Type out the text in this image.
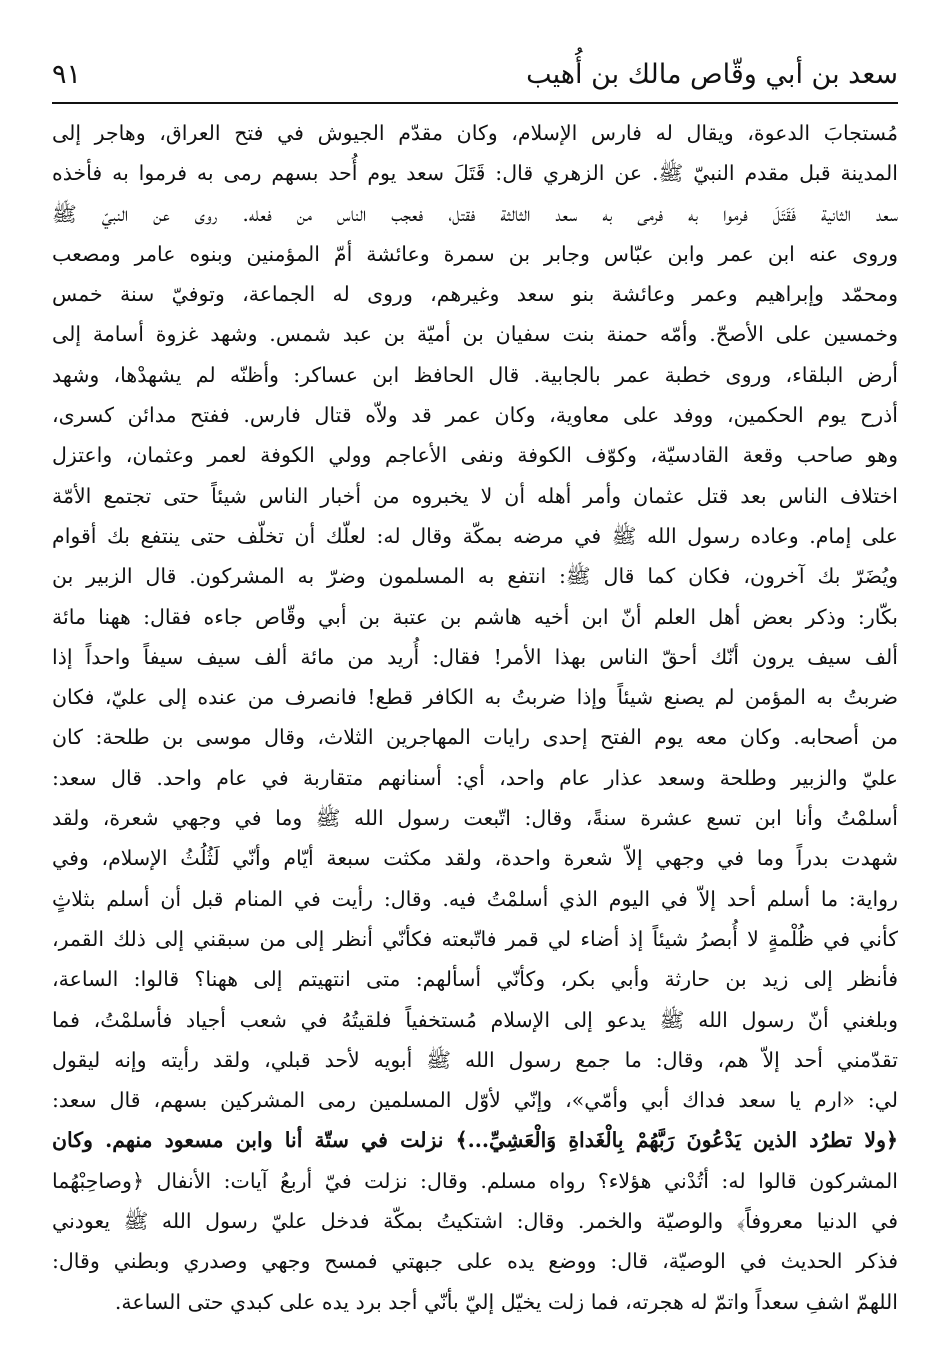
سعد بن أبي وقّاص مالك بن أُهيب
٩١
مُستجابَ الدعوة، ويقال له فارس الإسلام، وكان مقدّم الجيوش في فتح العراق، وهاجر إلى
المدينة قبل مقدم النبيّ ﷺ. عن الزهري قال: قَتَلَ سعد يوم أُحد بسهم رمى به فرموا به فأخذه
سعد الثانية فَقَتَلَ فرموا به فرمى به سعد الثالثة فقتل، فعجب الناس من فعله. روى عن النبيّ ﷺ
وروى عنه ابن عمر وابن عبّاس وجابر بن سمرة وعائشة أمّ المؤمنين وبنوه عامر ومصعب
ومحمّد وإبراهيم وعمر وعائشة بنو سعد وغيرهم، وروى له الجماعة، وتوفيّ سنة خمس
وخمسين على الأصحّ. وأمّه حمنة بنت سفيان بن أميّة بن عبد شمس. وشهد غزوة أسامة إلى
أرض البلقاء، وروى خطبة عمر بالجابية. قال الحافظ ابن عساكر: وأظنّه لم يشهدْها، وشهد
أذرح يوم الحكمين، ووفد على معاوية، وكان عمر قد ولاّه قتال فارس. ففتح مدائن كسرى،
وهو صاحب وقعة القادسيّة، وكوّف الكوفة ونفى الأعاجم وولي الكوفة لعمر وعثمان، واعتزل
اختلاف الناس بعد قتل عثمان وأمر أهله أن لا يخبروه من أخبار الناس شيئاً حتى تجتمع الأمّة
على إمام. وعاده رسول الله ﷺ في مرضه بمكّة وقال له: لعلّك أن تخلّف حتى ينتفع بك أقوام
ويُضَرّ بك آخرون، فكان كما قال ﷺ: انتفع به المسلمون وضرّ به المشركون. قال الزبير بن
بكّار: وذكر بعض أهل العلم أنّ ابن أخيه هاشم بن عتبة بن أبي وقّاص جاءه فقال: ههنا مائة
ألف سيف يرون أنّك أحقّ الناس بهذا الأمر! فقال: أُريد من مائة ألف سيف سيفاً واحداً إذا
ضربتُ به المؤمن لم يصنع شيئاً وإذا ضربتُ به الكافر قطع! فانصرف من عنده إلى عليّ، فكان
من أصحابه. وكان معه يوم الفتح إحدى رايات المهاجرين الثلاث، وقال موسى بن طلحة: كان
عليّ والزبير وطلحة وسعد عذار عام واحد، أي: أسنانهم متقاربة في عام واحد. قال سعد:
أسلمْتُ وأنا ابن تسع عشرة سنةً، وقال: اتّبعت رسول الله ﷺ وما في وجهي شعرة، ولقد
شهدت بدراً وما في وجهي إلاّ شعرة واحدة، ولقد مكثت سبعة أيّام وأنّي لَثُلُثُ الإسلام، وفي
رواية: ما أسلم أحد إلاّ في اليوم الذي أسلمْتُ فيه. وقال: رأيت في المنام قبل أن أسلم بثلاثٍ
كأني في ظُلْمةٍ لا أُبصرُ شيئاً إذ أضاء لي قمر فاتّبعته فكأنّي أنظر إلى من سبقني إلى ذلك القمر،
فأنظر إلى زيد بن حارثة وأبي بكر، وكأنّي أسألهم: متى انتهيتم إلى ههنا؟ قالوا: الساعة،
وبلغني أنّ رسول الله ﷺ يدعو إلى الإسلام مُستخفياً فلقيتُهُ في شعب أجياد فأسلمْتُ، فما
تقدّمني أحد إلاّ هم، وقال: ما جمع رسول الله ﷺ أبويه لأحد قبلي، ولقد رأيته وإنه ليقول
لي: «ارم يا سعد فداك أبي وأمّي»، وإنّي لأوّل المسلمين رمى المشركين بسهم، قال سعد:
﴿ولا تطرُد الذين يَدْعُونَ رَبَّهُمْ بِالْغَداةِ وَالْعَشِيِّ...﴾ نزلت في ستّة أنا وابن مسعود منهم. وكان
المشركون قالوا له: أتُدْني هؤلاء؟ رواه مسلم. وقال: نزلت فيّ أربعُ آيات: الأنفال ﴿وصاحِبْهُما
في الدنيا معروفاً﴾ والوصيّة والخمر. وقال: اشتكيتُ بمكّة فدخل عليّ رسول الله ﷺ يعودني
فذكر الحديث في الوصيّة، قال: ووضع يده على جبهتي فمسح وجهي وصدري وبطني وقال:
اللهمّ اشفِ سعداً واتمّ له هجرته، فما زلت يخيّل إليّ بأنّي أجد برد يده على كبدي حتى الساعة.
